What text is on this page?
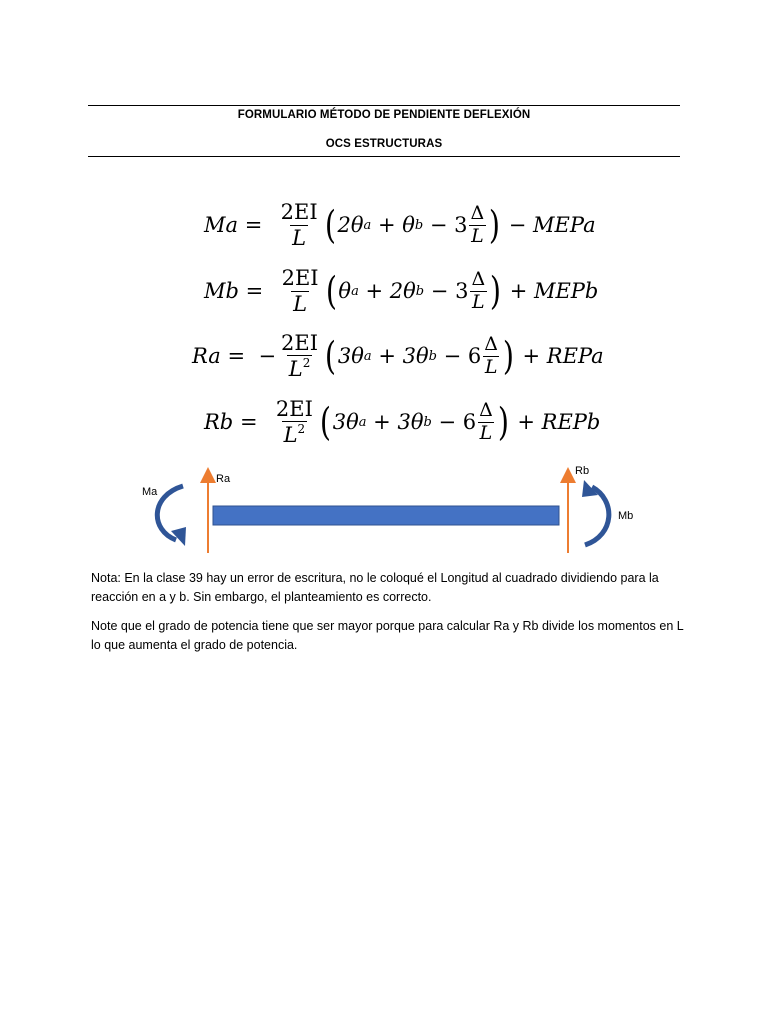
FORMULARIO MÉTODO DE PENDIENTE DEFLEXIÓN
OCS ESTRUCTURAS
$Ma = \frac{2EI}{L}$ ( 2θ a + θ $b - 3 \frac{\Delta}{L}$ ) − MEPa
$Mb = \frac{2EI}{L}$ ( θ a + 2θ $b - 3 \frac{\Delta}{L}$ ) + MEPb
Ra =  − $\frac{2EI}{L^2}$ ( 3θ a + 3θ $b - 6 \frac{\Delta}{L}$ ) + REPa
$Rb = \frac{2EI}{L^2}$ ( 3θ a + 3θ $b - 6 \frac{\Delta}{L}$ ) + REPb
Ma
Ra
Rb
Mb
Nota: En la clase 39 hay un error de escritura, no le coloqué el Longitud al cuadrado dividiendo para la reacción en a y b. Sin embargo, el planteamiento es correcto.
Note que el grado de potencia tiene que ser mayor porque para calcular Ra y Rb divide los momentos en L lo que aumenta el grado de potencia.
